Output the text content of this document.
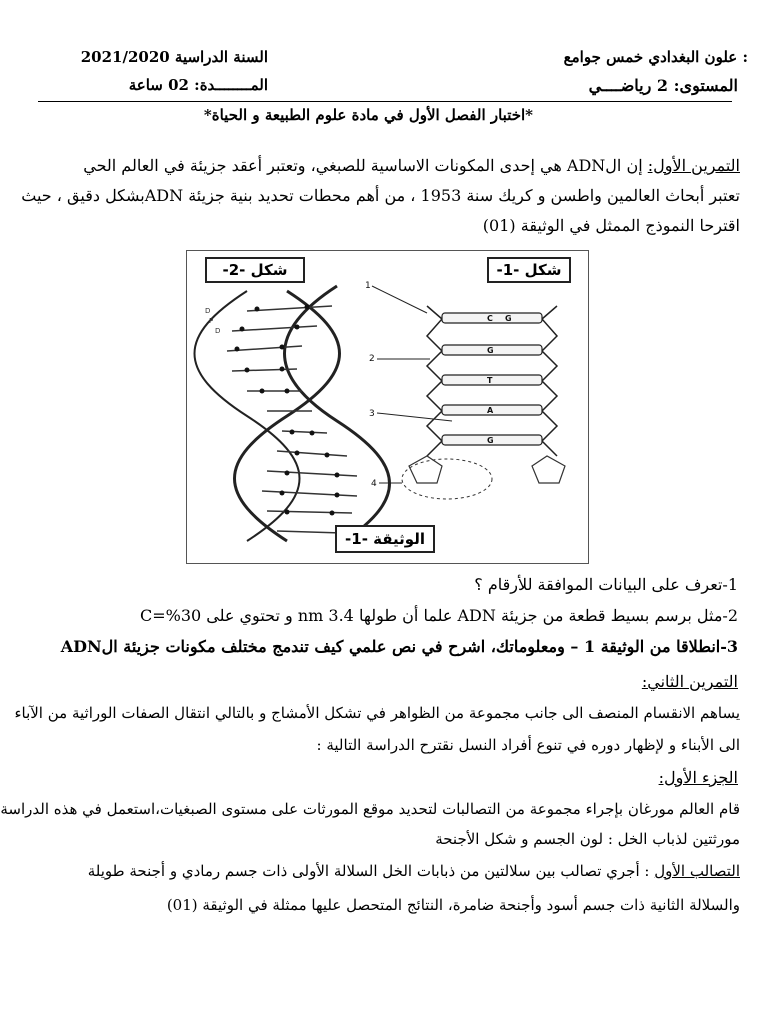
: علون البغدادي خمس جوامع
السنة الدراسية 2021/2020
المستوى: 2 رياضــــي
المــــــــدة: 02 ساعة
*اختبار الفصل الأول في مادة علوم الطبيعة و الحياة*
التمرين الأول: إن الADN هي إحدى المكونات الاساسية للصبغي، وتعتبر أعقد جزيئة في العالم الحي
تعتبر أبحاث العالمين واطسن و كريك سنة 1953 ، من أهم محطات تحديد بنية جزيئة ADNبشكل دقيق ، حيث
اقترحا النموذج الممثل في الوثيقة (01)
D
P
D
C G
G
T
A
G
1
2
3
4
شكل -2-	شكل -1-
الوثيقة -1-
1-تعرف على البيانات الموافقة للأرقام ؟
2-مثل برسم بسيط قطعة من جزيئة ADN علما أن طولها 3.4 nm و تحتوي على 30%=C
3-انطلاقا من الوثيقة 1 – ومعلوماتك، اشرح في نص علمي كيف تندمج مختلف مكونات جزيئة الADN
التمرين الثاني:
يساهم الانقسام المنصف الى جانب مجموعة من الظواهر في تشكل الأمشاج و بالتالي انتقال الصفات الوراثية من الآباء
الى الأبناء و لإظهار دوره في تنوع أفراد النسل نقترح الدراسة التالية :
الجزء الأول:
قام العالم مورغان بإجراء مجموعة من التصالبات لتحديد موقع المورثات على مستوى الصبغيات،استعمل في هذه الدراسة
مورثتين لذباب الخل : لون الجسم و شكل الأجنحة
التصالب الأول : أجري تصالب بين سلالتين من ذبابات الخل السلالة الأولى ذات جسم رمادي و أجنحة طويلة
والسلالة الثانية ذات جسم أسود وأجنحة ضامرة، النتائج المتحصل عليها ممثلة في الوثيقة (01)
